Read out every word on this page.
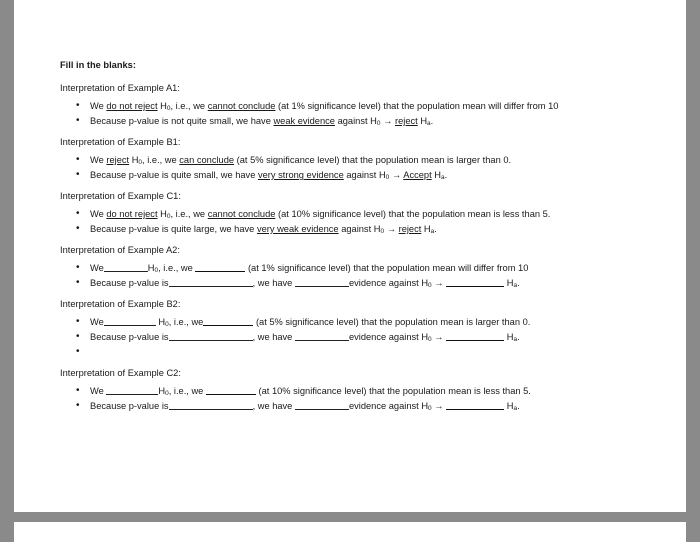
Fill in the blanks:
Interpretation of Example A1:
• We do not reject $H_0$, i.e., we cannot conclude (at 1% significance level) that the population mean will differ from 10
• Because p-value is not quite small, we have weak evidence against $H_0$ → reject $H_a$.
Interpretation of Example B1:
• We reject $H_0$, i.e., we can conclude (at 5% significance level) that the population mean is larger than 0.
• Because p-value is quite small, we have very strong evidence against $H_0$ → Accept $H_a$.
Interpretation of Example C1:
• We do not reject $H_0$, i.e., we cannot conclude (at 10% significance level) that the population mean is less than 5.
• Because p-value is quite large, we have very weak evidence against $H_0$ → reject $H_a$.
Interpretation of Example A2:
• We	$H_0$, i.e., we	(at 1% significance level) that the population mean will differ from 10
• Because p-value is	, we have	evidence against $H_0$ →	$H_a$.
Interpretation of Example B2:
• We	$H_0$, i.e., we	(at 5% significance level) that the population mean is larger than 0.
• Because p-value is	, we have	evidence against $H_0$ →	$H_a$.
•

Interpretation of Example C2:
• We	$H_0$, i.e., we	(at 10% significance level) that the population mean is less than 5.
• Because p-value is	, we have	evidence against $H_0$ →	$H_a$.
